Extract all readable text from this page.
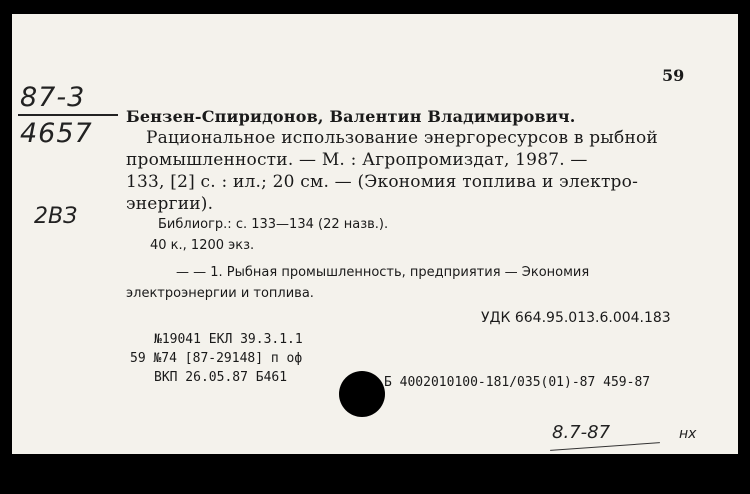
59
87-3
4657
2ВЗ
Бензен-Спиридонов, Валентин Владимирович.
Рациональное использование энергоресурсов в рыбной
промышленности. — М. : Агропромиздат, 1987. —
133, [2] с. : ил.; 20 см. — (Экономия топлива и электро-
энергии).
Библиогр.: с. 133—134 (22 назв.).
40 к., 1200 экз.
— — 1. Рыбная промышленность, предприятия — Экономия
электроэнергии и топлива.
УДК 664.95.013.6.004.183
№19041 ЕКЛ 39.3.1.1
59 №74 [87-29148] п оф
ВКП 26.05.87 Б461	Б 4002010100-181/035(01)-87 459-87
8.7-87	нх
